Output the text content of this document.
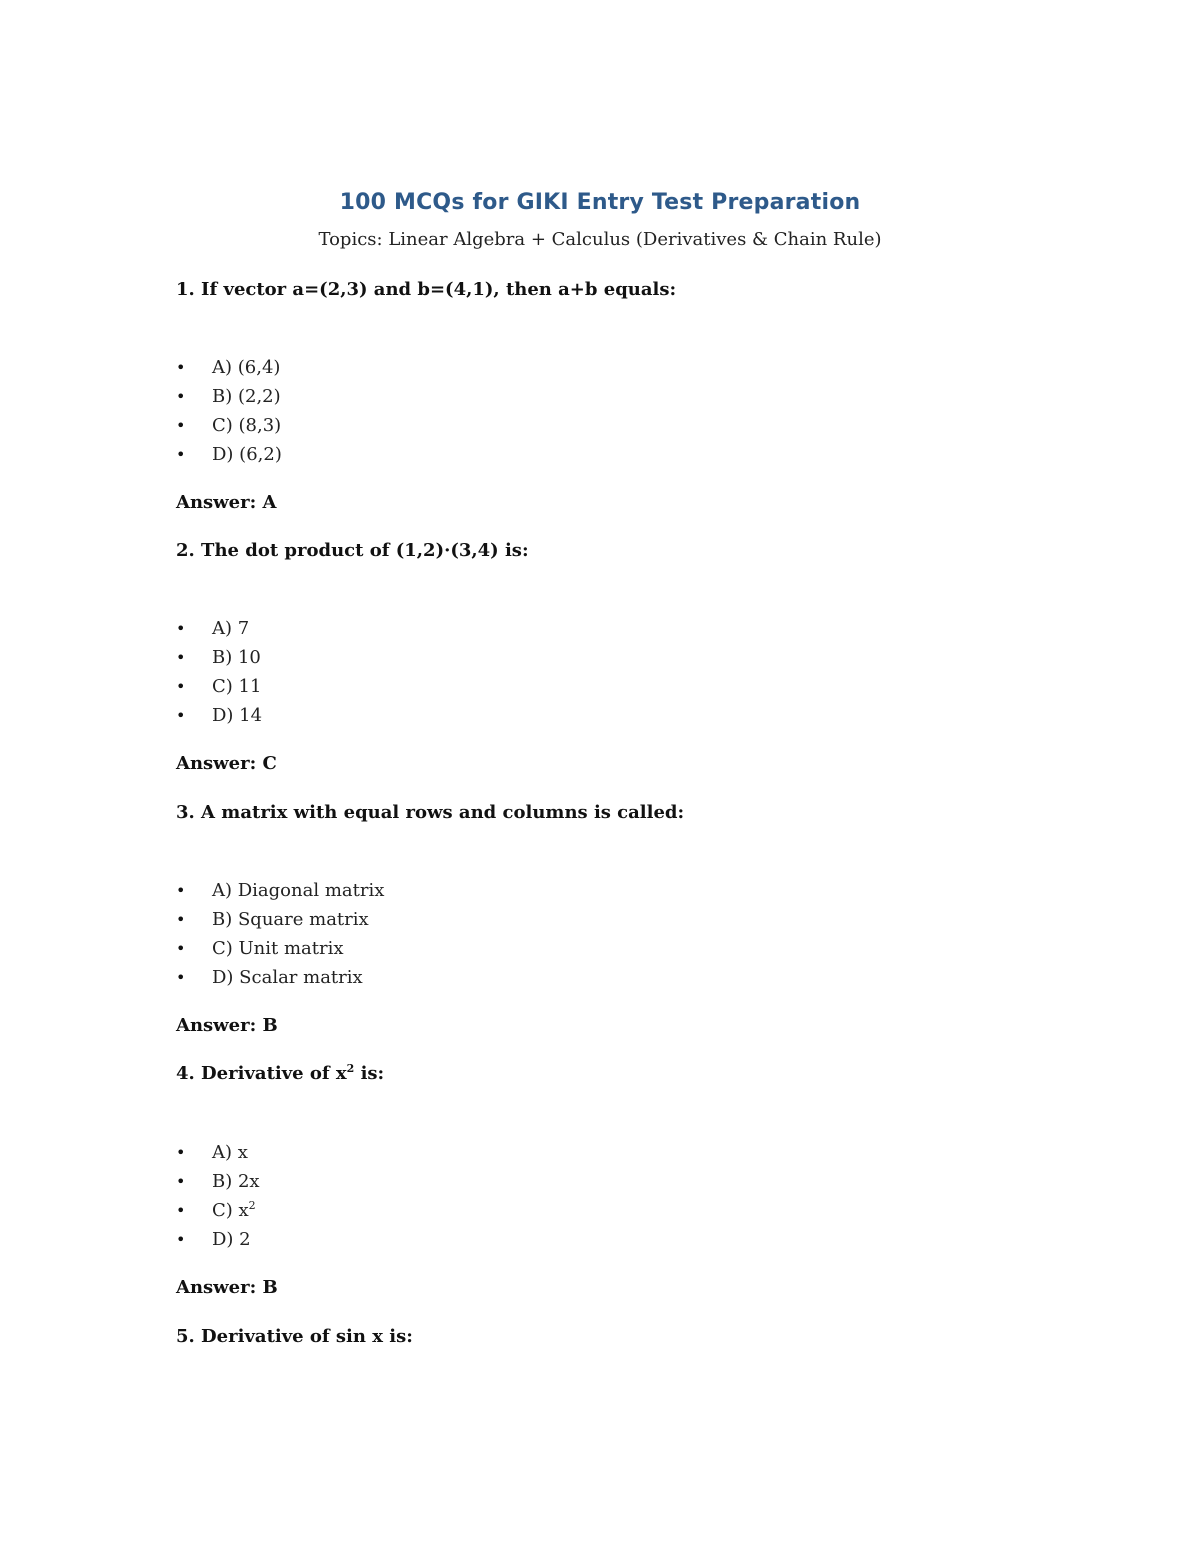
100 MCQs for GIKI Entry Test Preparation
Topics: Linear Algebra + Calculus (Derivatives & Chain Rule)
1. If vector a=(2,3) and b=(4,1), then a+b equals:
• A) (6,4)
• B) (2,2)
• C) (8,3)
• D) (6,2)
Answer: A
2. The dot product of (1,2)·(3,4) is:
• A) 7
• B) 10
• C) 11
• D) 14
Answer: C
3. A matrix with equal rows and columns is called:
• A) Diagonal matrix
• B) Square matrix
• C) Unit matrix
• D) Scalar matrix
Answer: B
4. Derivative of $x^2$ is:
• A) x
• B) 2x
• C) $x^2$
• D) 2
Answer: B
5. Derivative of sin x is:
